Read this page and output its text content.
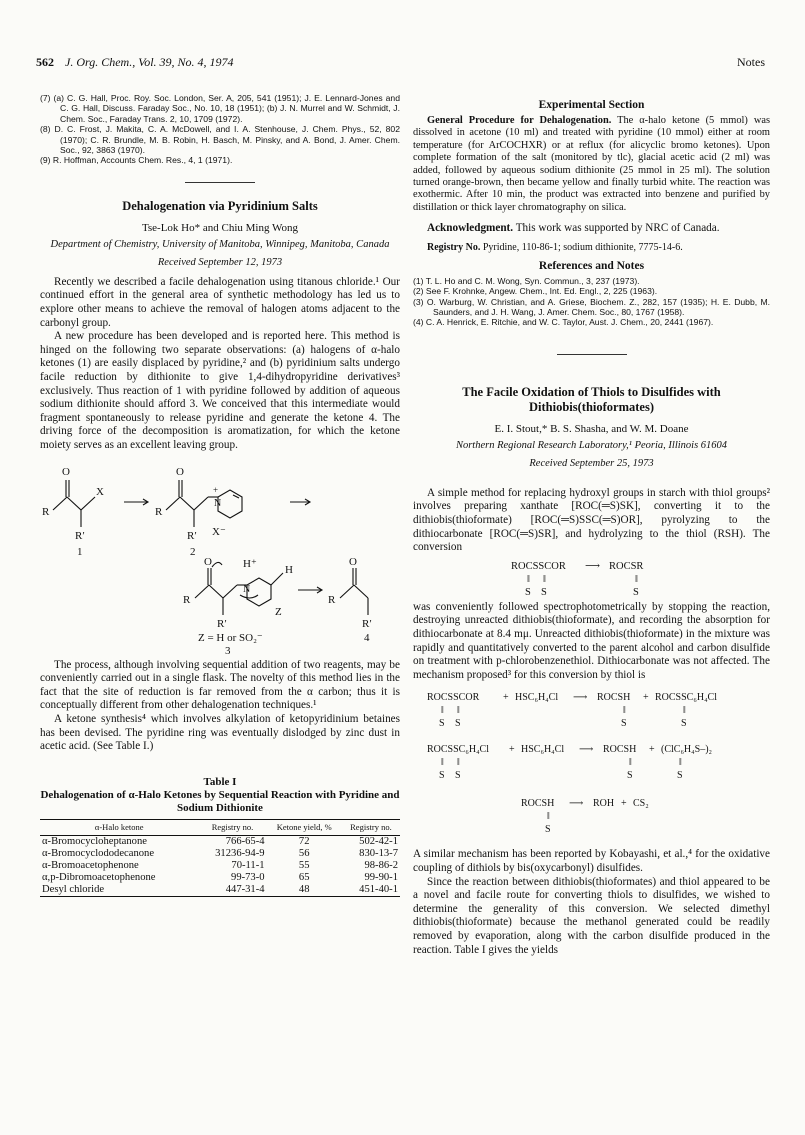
562 J. Org. Chem., Vol. 39, No. 4, 1974	Notes
(7) (a) C. G. Hall, Proc. Roy. Soc. London, Ser. A, 205, 541 (1951); J. E. Lennard-Jones and C. G. Hall, Discuss. Faraday Soc., No. 10, 18 (1951); (b) J. N. Murrel and W. Schmidt, J. Chem. Soc., Faraday Trans. 2, 10, 1709 (1972).
(8) D. C. Frost, J. Makita, C. A. McDowell, and I. A. Stenhouse, J. Chem. Phys., 52, 802 (1970); C. R. Brundle, M. B. Robin, H. Basch, M. Pinsky, and A. Bond, J. Amer. Chem. Soc., 92, 3863 (1970).
(9) R. Hoffman, Accounts Chem. Res., 4, 1 (1971).
Dehalogenation via Pyridinium Salts
Tse-Lok Ho* and Chiu Ming Wong
Department of Chemistry, University of Manitoba, Winnipeg, Manitoba, Canada
Received September 12, 1973

Recently we described a facile dehalogenation using titanous chloride.¹ Our continued effort in the general area of synthetic methodology has led us to explore other means to achieve the removal of halogen atoms adjacent to the carbonyl group.

A new procedure has been developed and is reported here. This method is hinged on the following two separate observations: (a) halogens of α-halo ketones (1) are easily displaced by pyridine,² and (b) pyridinium salts undergo facile reduction by dithionite to give 1,4-dihydropyridine derivatives³ exclusively. Thus reaction of 1 with pyridine followed by addition of aqueous sodium dithionite should afford 3. We conceived that this intermediate would fragment spontaneously to release pyridine and generate the ketone 4. The driving force of the decomposition is aromatization, for which the ketone moiety serves as an excellent leaving group.

O
X
R
R′
1
O
R
R′
+
N
X⁻
2
H⁺
O
H
N
R
Z
R′
Z = H or SO₂⁻
3
O
R
R′
4

The process, although involving sequential addition of two reagents, may be conveniently carried out in a single flask. The novelty of this method lies in the fact that the site of reduction is far removed from the α carbon; thus it is conceptually different from other dehalogenation techniques.¹

A ketone synthesis⁴ which involves alkylation of ketopyridinium betaines has been devised. The pyridine ring was eventually dislodged by zinc dust in acetic acid. (See Table I.)

Table I
Dehalogenation of α-Halo Ketones by Sequential Reaction with Pyridine and Sodium Dithionite
α-Halo ketone	Registry no.	Ketone yield, %	Registry no.
α-Bromocycloheptanone	766-65-4	72	502-42-1
α-Bromocyclododecanone	31236-94-9	56	830-13-7
α-Bromoacetophenone	70-11-1	55	98-86-2
α,p-Dibromoacetophenone	99-73-0	65	99-90-1
Desyl chloride	447-31-4	48	451-40-1
Experimental Section
General Procedure for Dehalogenation. The α-halo ketone (5 mmol) was dissolved in acetone (10 ml) and treated with pyridine (10 mmol) either at room temperature (for ArCOCHXR) or at reflux (for alicyclic bromo ketones). Upon complete formation of the salt (monitored by tlc), glacial acetic acid (2 ml) was added, followed by aqueous sodium dithionite (25 mmol in 25 ml). The solution turned orange-brown, then became yellow and finally turbid white. The reaction was exothermic. After 10 min, the product was extracted into benzene and purified by distillation or thick layer chromatography on silica.
Acknowledgment. This work was supported by NRC of Canada.
Registry No. Pyridine, 110-86-1; sodium dithionite, 7775-14-6.
References and Notes
(1) T. L. Ho and C. M. Wong, Syn. Commun., 3, 237 (1973).
(2) See F. Krohnke, Angew. Chem., Int. Ed. Engl., 2, 225 (1963).
(3) O. Warburg, W. Christian, and A. Griese, Biochem. Z., 282, 157 (1935); H. E. Dubb, M. Saunders, and J. H. Wang, J. Amer. Chem. Soc., 80, 1767 (1958).
(4) C. A. Henrick, E. Ritchie, and W. C. Taylor, Aust. J. Chem., 20, 2441 (1967).
The Facile Oxidation of Thiols to Disulfides with Dithiobis(thioformates)
E. I. Stout,* B. S. Shasha, and W. M. Doane
Northern Regional Research Laboratory,¹ Peoria, Illinois 61604
Received September 25, 1973

A simple method for replacing hydroxyl groups in starch with thiol groups² involves preparing xanthate [ROC(═S)SK], converting it to the dithiobis(thioformate) [ROC(═S)SSC(═S)OR], pyrolyzing to the dithiocarbonate [ROC(═S)SR], and hydrolyzing to the thiol (RSH). The conversion

ROCSSCOR ⟶ ROCSR
‖ ‖	‖
S S	S

was conveniently followed spectrophotometrically by stopping the reaction, destroying unreacted dithiobis(thioformate), and recording the absorption for dithiocarbonate at 8.4 mμ. Unreacted dithiobis(thioformate) in the mixture was rapidly and quantitatively converted to the parent alcohol and carbon disulfide on treatment with p-chlorobenzenethiol. Dithiocarbonate was not affected. The mechanism proposed³ for this conversion by thiol is

ROCSSCOR + HSC₆H₄Cl ⟶ ROCSH + ROCSSC₆H₄Cl
‖ ‖	‖	‖
S S	S	S
ROCSSC₆H₄Cl + HSC₆H₄Cl ⟶ ROCSH + (ClC₆H₄S–)₂
‖ ‖	‖	‖
S S	S	S
ROCSH ⟶ ROH + CS₂
‖
S

A similar mechanism has been reported by Kobayashi, et al.,⁴ for the oxidative coupling of dithiols by bis(oxycarbonyl) disulfides.

Since the reaction between dithiobis(thioformates) and thiol appeared to be a novel and facile route for converting thiols to disulfides, we wished to determine the generality of this conversion. We selected dimethyl dithiobis(thioformate) because the methanol generated could be readily removed by evaporation, along with the carbon disulfide produced in the reaction. Table I gives the yields
